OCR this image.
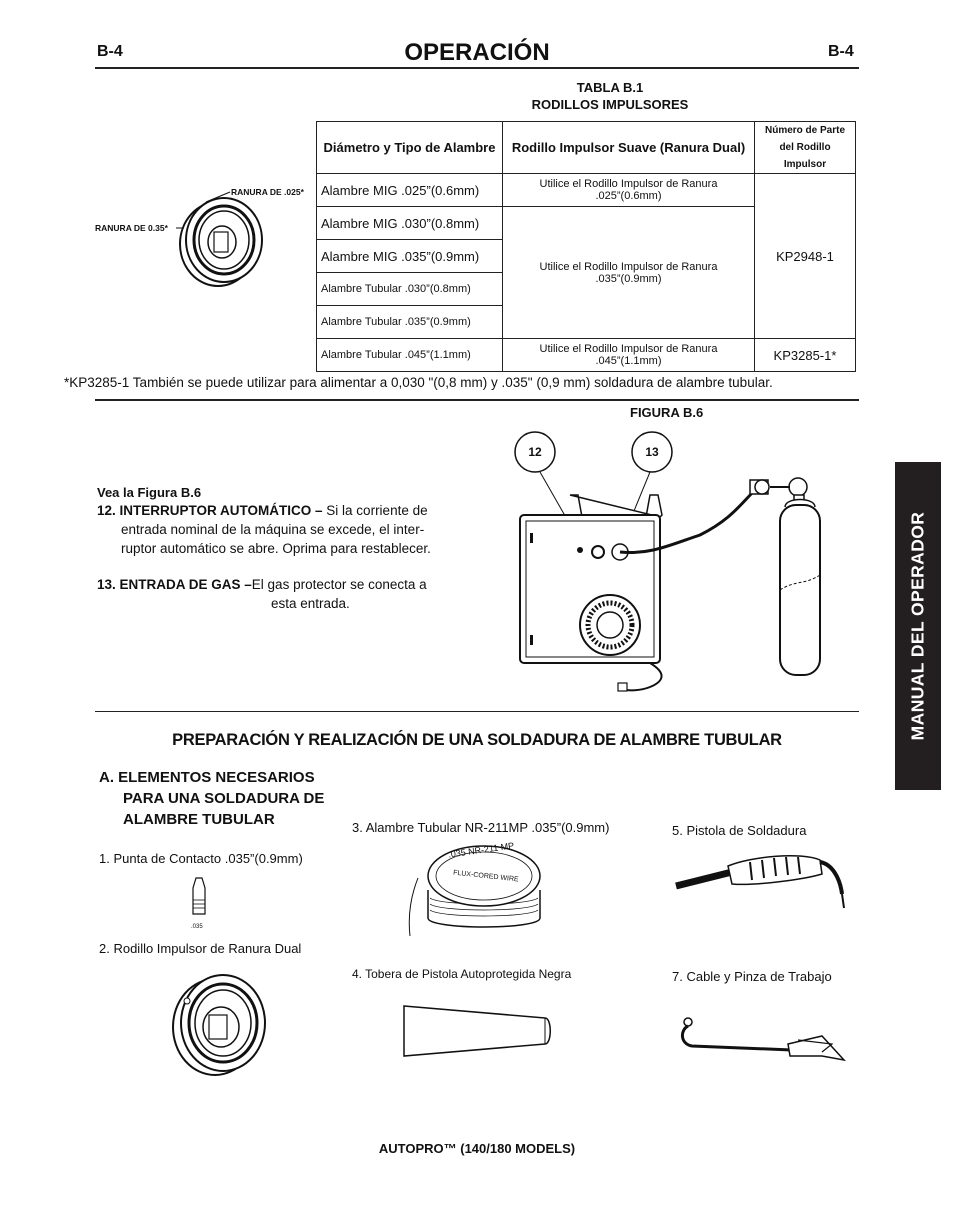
B-4	OPERACIÓN	B-4
TABLA B.1
RODILLOS IMPULSORES
Diámetro y Tipo de Alambre	Rodillo Impulsor Suave (Ranura Dual)	Número de Parte del Rodillo Impulsor
Alambre MIG .025”(0.6mm)	Utilice el Rodillo Impulsor de Ranura .025”(0.6mm)	KP2948-1
Alambre MIG .030”(0.8mm)	Utilice el Rodillo Impulsor de Ranura .035”(0.9mm)	
Alambre MIG .035”(0.9mm)		
Alambre Tubular .030”(0.8mm)		
Alambre Tubular .035”(0.9mm)		
Alambre Tubular .045”(1.1mm)	Utilice el Rodillo Impulsor de Ranura .045”(1.1mm)	KP3285-1*
RANURA DE .025*
RANURA DE 0.35*
*KP3285-1 También se puede utilizar para alimentar a 0,030 "(0,8 mm) y .035" (0,9 mm) soldadura de alambre tubular.
FIGURA B.6
12	13
Vea la Figura B.6
12. INTERRUPTOR AUTOMÁTICO – Si la corriente de
entrada nominal de la máquina se excede, el inter-
ruptor automático se abre. Oprima para restablecer.
13. ENTRADA DE GAS –El gas protector se conecta a
esta entrada.	MANUAL DEL OPERADOR
PREPARACIÓN Y REALIZACIÓN DE UNA SOLDADURA DE ALAMBRE TUBULAR
A. ELEMENTOS NECESARIOS
PARA UNA SOLDADURA DE
ALAMBRE TUBULAR
1. Punta de Contacto .035”(0.9mm)
.035
2. Rodillo Impulsor de Ranura Dual
3. Alambre Tubular NR-211MP .035”(0.9mm)
.035 NR-211 MP
FLUX-CORED WIRE
4. Tobera de Pistola Autoprotegida Negra
5. Pistola de Soldadura
7. Cable y Pinza de Trabajo
AUTOPRO™ (140/180 MODELS)
